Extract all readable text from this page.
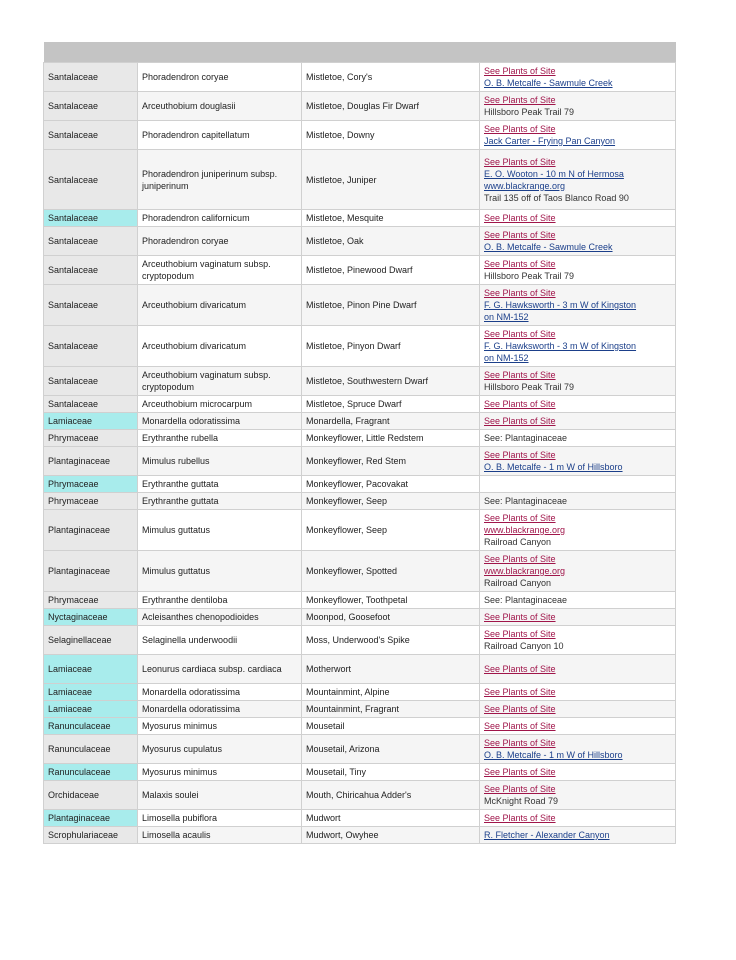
Santalaceae	Phoradendron coryae	Mistletoe, Cory's	See Plants of Site
O. B. Metcalfe - Sawmule Creek

Santalaceae	Arceuthobium douglasii	Mistletoe, Douglas Fir Dwarf	See Plants of Site
Hillsboro Peak Trail 79

Santalaceae	Phoradendron capitellatum	Mistletoe, Downy	See Plants of Site
Jack Carter - Frying Pan Canyon

Santalaceae	Phoradendron juniperinum subsp. juniperinum	Mistletoe, Juniper	See Plants of Site
E. O. Wooton - 10 m N of Hermosa
www.blackrange.org
Trail 135 off of Taos Blanco Road 90

Santalaceae	Phoradendron californicum	Mistletoe, Mesquite	See Plants of Site

Santalaceae	Phoradendron coryae	Mistletoe, Oak	See Plants of Site
O. B. Metcalfe - Sawmule Creek

Santalaceae	Arceuthobium vaginatum subsp. cryptopodum	Mistletoe, Pinewood Dwarf	See Plants of Site
Hillsboro Peak Trail 79

Santalaceae	Arceuthobium divaricatum	Mistletoe, Pinon Pine Dwarf	See Plants of Site
F. G. Hawksworth - 3 m W of Kingston
on NM-152

Santalaceae	Arceuthobium divaricatum	Mistletoe, Pinyon Dwarf	See Plants of Site
F. G. Hawksworth - 3 m W of Kingston
on NM-152

Santalaceae	Arceuthobium vaginatum subsp. cryptopodum	Mistletoe, Southwestern Dwarf	See Plants of Site
Hillsboro Peak Trail 79

Santalaceae	Arceuthobium microcarpum	Mistletoe, Spruce Dwarf	See Plants of Site

Lamiaceae	Monardella odoratissima	Monardella, Fragrant	See Plants of Site

Phrymaceae	Erythranthe rubella	Monkeyflower, Little Redstem	See: Plantaginaceae

Plantaginaceae	Mimulus rubellus	Monkeyflower, Red Stem	See Plants of Site
O. B. Metcalfe - 1 m W of Hillsboro

Phrymaceae	Erythranthe guttata	Monkeyflower, Pacovakat	
Phrymaceae	Erythranthe guttata	Monkeyflower, Seep	See: Plantaginaceae

Plantaginaceae	Mimulus guttatus	Monkeyflower, Seep	See Plants of Site
www.blackrange.org
Railroad Canyon

Plantaginaceae	Mimulus guttatus	Monkeyflower, Spotted	See Plants of Site
www.blackrange.org
Railroad Canyon

Phrymaceae	Erythranthe dentiloba	Monkeyflower, Toothpetal	See: Plantaginaceae

Nyctaginaceae	Acleisanthes chenopodioides	Moonpod, Goosefoot	See Plants of Site

Selaginellaceae	Selaginella underwoodii	Moss, Underwood's Spike	See Plants of Site
Railroad Canyon 10

Lamiaceae	Leonurus cardiaca subsp. cardiaca	Motherwort	See Plants of Site

Lamiaceae	Monardella odoratissima	Mountainmint, Alpine	See Plants of Site

Lamiaceae	Monardella odoratissima	Mountainmint, Fragrant	See Plants of Site

Ranunculaceae	Myosurus minimus	Mousetail	See Plants of Site

Ranunculaceae	Myosurus cupulatus	Mousetail, Arizona	See Plants of Site
O. B. Metcalfe - 1 m W of Hillsboro

Ranunculaceae	Myosurus minimus	Mousetail, Tiny	See Plants of Site

Orchidaceae	Malaxis soulei	Mouth, Chiricahua Adder's	See Plants of Site
McKnight Road 79

Plantaginaceae	Limosella pubiflora	Mudwort	See Plants of Site

Scrophulariaceae	Limosella acaulis	Mudwort, Owyhee	R. Fletcher - Alexander Canyon
